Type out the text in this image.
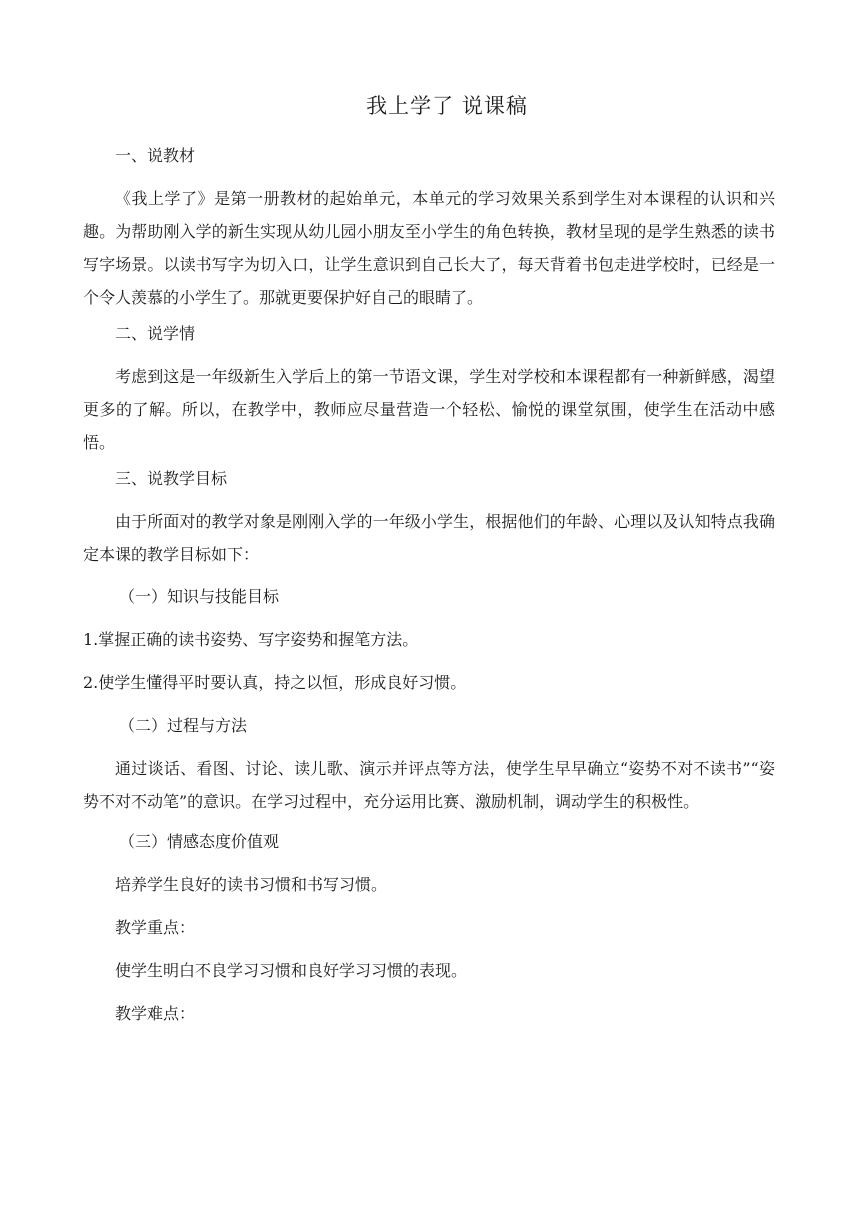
我上学了 说课稿

一、说教材

《我上学了》是第一册教材的起始单元，本单元的学习效果关系到学生对本课程的认识和兴趣。为帮助刚入学的新生实现从幼儿园小朋友至小学生的角色转换，教材呈现的是学生熟悉的读书写字场景。以读书写字为切入口，让学生意识到自己长大了，每天背着书包走进学校时，已经是一个令人羡慕的小学生了。那就更要保护好自己的眼睛了。

二、说学情

考虑到这是一年级新生入学后上的第一节语文课，学生对学校和本课程都有一种新鲜感，渴望更多的了解。所以，在教学中，教师应尽量营造一个轻松、愉悦的课堂氛围，使学生在活动中感悟。

三、说教学目标

由于所面对的教学对象是刚刚入学的一年级小学生，根据他们的年龄、心理以及认知特点我确定本课的教学目标如下：

（一）知识与技能目标

1.掌握正确的读书姿势、写字姿势和握笔方法。

2.使学生懂得平时要认真，持之以恒，形成良好习惯。

（二）过程与方法

通过谈话、看图、讨论、读儿歌、演示并评点等方法，使学生早早确立“姿势不对不读书”“姿势不对不动笔”的意识。在学习过程中，充分运用比赛、激励机制，调动学生的积极性。

（三）情感态度价值观

培养学生良好的读书习惯和书写习惯。

教学重点：

使学生明白不良学习习惯和良好学习习惯的表现。

教学难点：
